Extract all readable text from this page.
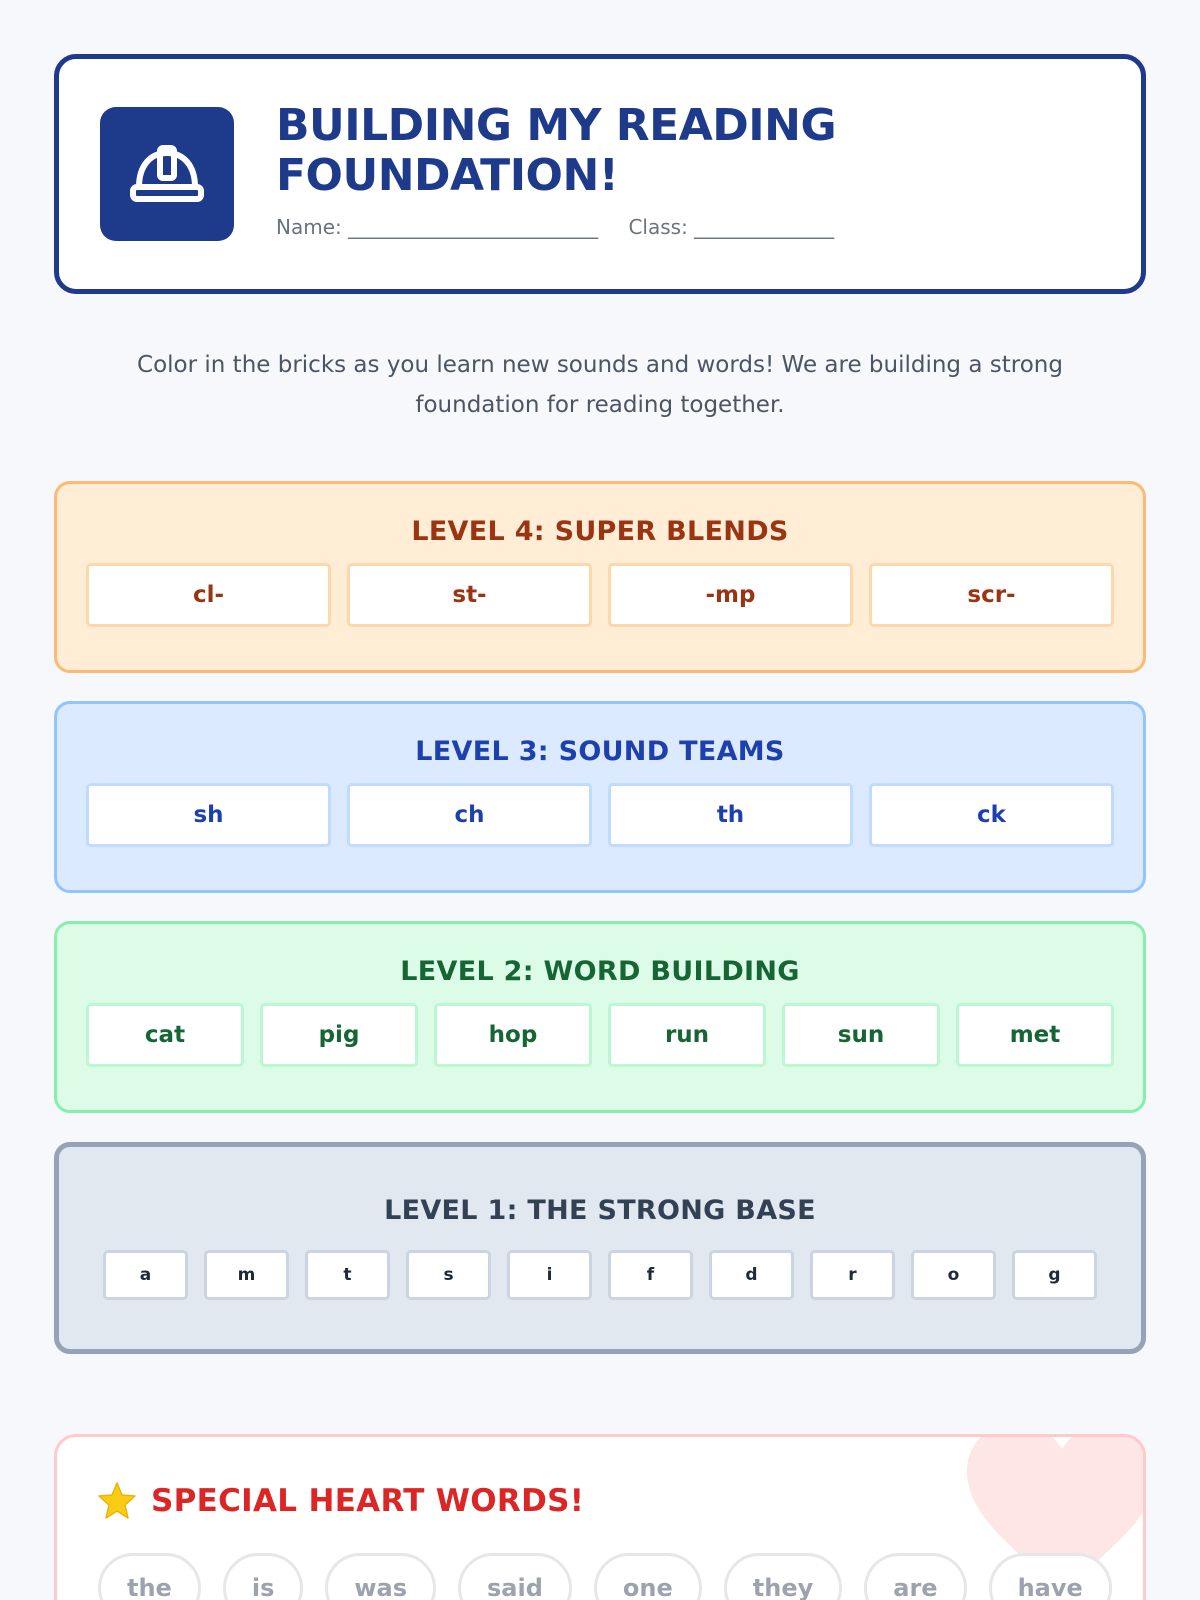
BUILDING MY READING FOUNDATION!
Name: _________________________ Class: ______________
Color in the bricks as you learn new sounds and words! We are building a strong foundation for reading together.
LEVEL 4: SUPER BLENDS
cl-	st-	-mp	scr-
LEVEL 3: SOUND TEAMS
sh	ch	th	ck
LEVEL 2: WORD BUILDING
cat	pig	hop	run	sun	met
LEVEL 1: THE STRONG BASE
a	m	t	s	i	f	d	r	o	g
SPECIAL HEART WORDS!
the	is	was	said	one	they	are	have
